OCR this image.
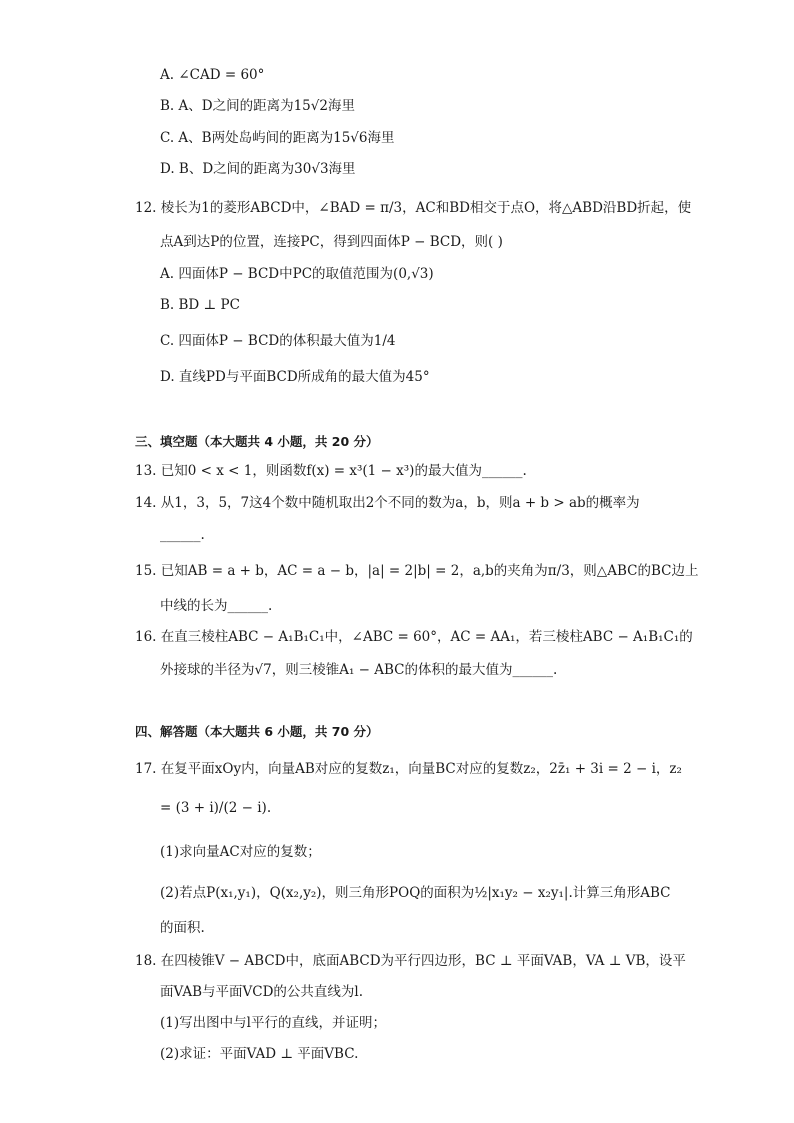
A. ∠CAD = 60°
B. A、D之间的距离为15√2海里
C. A、B两处岛屿间的距离为15√6海里
D. B、D之间的距离为30√3海里
12. 棱长为1的菱形ABCD中，∠BAD = π/3，AC和BD相交于点O，将△ABD沿BD折起，使
点A到达P的位置，连接PC，得到四面体P − BCD，则( )
A. 四面体P − BCD中PC的取值范围为(0,√3)
B. BD ⊥ PC
C. 四面体P − BCD的体积最大值为1/4
D. 直线PD与平面BCD所成角的最大值为45°
三、填空题（本大题共 4 小题，共 20 分）
13. 已知0 < x < 1，则函数f(x) = x³(1 − x³)的最大值为______.
14. 从1，3，5，7这4个数中随机取出2个不同的数为a，b，则a + b > ab的概率为
______.
15. 已知AB = a + b，AC = a − b，|a| = 2|b| = 2，a,b的夹角为π/3，则△ABC的BC边上
中线的长为______.
16. 在直三棱柱ABC − A₁B₁C₁中，∠ABC = 60°，AC = AA₁，若三棱柱ABC − A₁B₁C₁的
外接球的半径为√7，则三棱锥A₁ − ABC的体积的最大值为______.
四、解答题（本大题共 6 小题，共 70 分）
17. 在复平面xOy内，向量AB对应的复数z₁，向量BC对应的复数z₂，2z̄₁ + 3i = 2 − i，z₂
= (3 + i)/(2 − i).
(1)求向量AC对应的复数；
(2)若点P(x₁,y₁)，Q(x₂,y₂)，则三角形POQ的面积为½|x₁y₂ − x₂y₁|.计算三角形ABC
的面积.
18. 在四棱锥V − ABCD中，底面ABCD为平行四边形，BC ⊥ 平面VAB，VA ⊥ VB，设平
面VAB与平面VCD的公共直线为l.
(1)写出图中与l平行的直线，并证明；
(2)求证：平面VAD ⊥ 平面VBC.
